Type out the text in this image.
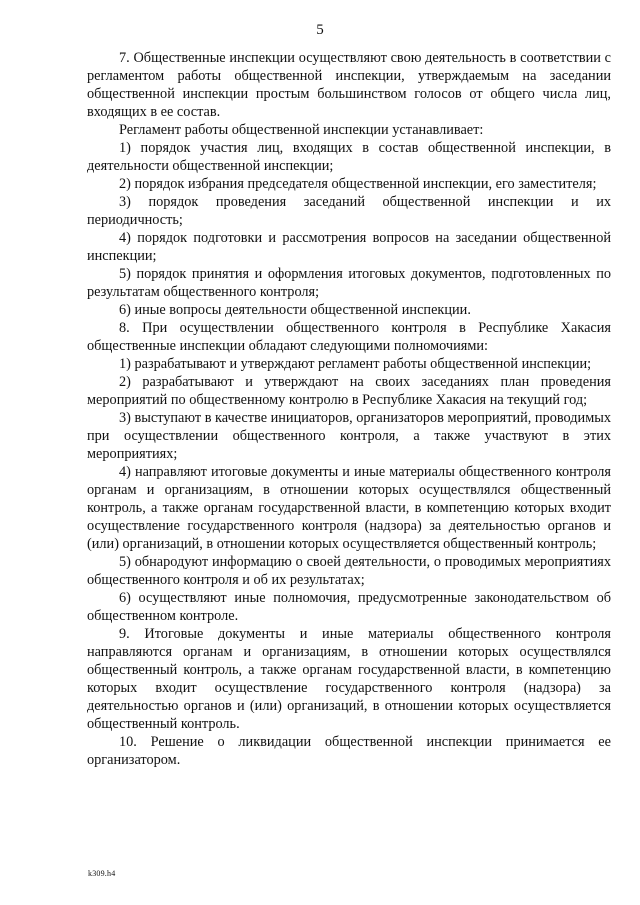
5

7. Общественные инспекции осуществляют свою деятельность в соответствии с регламентом работы общественной инспекции, утверждаемым на заседании общественной инспекции простым большинством голосов от общего числа лиц, входящих в ее состав.

Регламент работы общественной инспекции устанавливает:

1) порядок участия лиц, входящих в состав общественной инспекции, в деятельности общественной инспекции;

2) порядок избрания председателя общественной инспекции, его заместителя;

3) порядок проведения заседаний общественной инспекции и их периодичность;

4) порядок подготовки и рассмотрения вопросов на заседании общественной инспекции;

5) порядок принятия и оформления итоговых документов, подготовленных по результатам общественного контроля;

6) иные вопросы деятельности общественной инспекции.

8. При осуществлении общественного контроля в Республике Хакасия общественные инспекции обладают следующими полномочиями:

1) разрабатывают и утверждают регламент работы общественной инспекции;

2) разрабатывают и утверждают на своих заседаниях план проведения мероприятий по общественному контролю в Республике Хакасия на текущий год;

3) выступают в качестве инициаторов, организаторов мероприятий, проводимых при осуществлении общественного контроля, а также участвуют в этих мероприятиях;

4) направляют итоговые документы и иные материалы общественного контроля органам и организациям, в отношении которых осуществлялся общественный контроль, а также органам государственной власти, в компетенцию которых входит осуществление государственного контроля (надзора) за деятельностью органов и (или) организаций, в отношении которых осуществляется общественный контроль;

5) обнародуют информацию о своей деятельности, о проводимых мероприятиях общественного контроля и об их результатах;

6) осуществляют иные полномочия, предусмотренные законодательством об общественном контроле.

9. Итоговые документы и иные материалы общественного контроля направляются органам и организациям, в отношении которых осуществлялся общественный контроль, а также органам государственной власти, в компетенцию которых входит осуществление государственного контроля (надзора) за деятельностью органов и (или) организаций, в отношении которых осуществляется общественный контроль.

10. Решение о ликвидации общественной инспекции принимается ее организатором.

k309.h4
